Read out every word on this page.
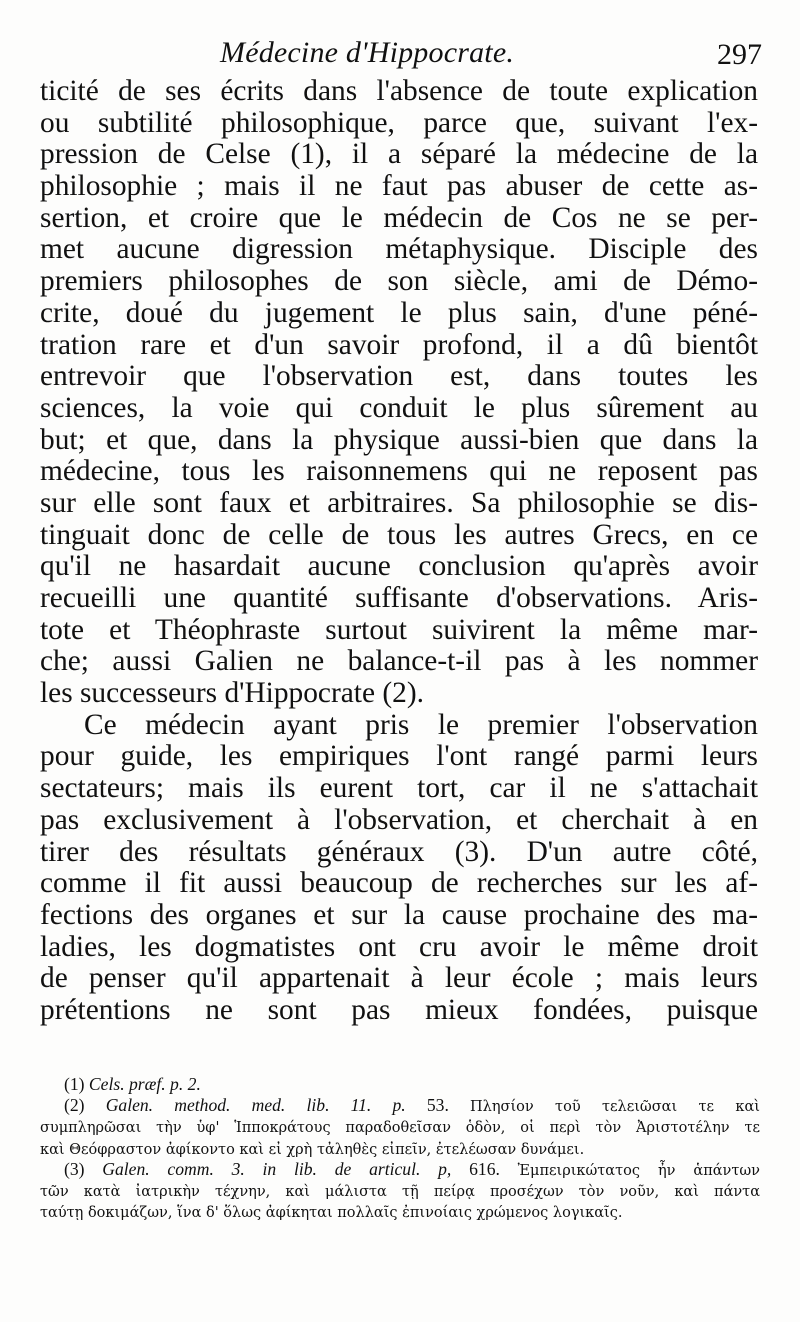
Médecine d'Hippocrate.	297
ticité de ses écrits dans l'absence de toute explication
ou subtilité philosophique, parce que, suivant l'ex-
pression de Celse (1), il a séparé la médecine de la
philosophie ; mais il ne faut pas abuser de cette as-
sertion, et croire que le médecin de Cos ne se per-
met aucune digression métaphysique. Disciple des
premiers philosophes de son siècle, ami de Démo-
crite, doué du jugement le plus sain, d'une péné-
tration rare et d'un savoir profond, il a dû bientôt
entrevoir que l'observation est, dans toutes les
sciences, la voie qui conduit le plus sûrement au
but; et que, dans la physique aussi-bien que dans la
médecine, tous les raisonnemens qui ne reposent pas
sur elle sont faux et arbitraires. Sa philosophie se dis-
tinguait donc de celle de tous les autres Grecs, en ce
qu'il ne hasardait aucune conclusion qu'après avoir
recueilli une quantité suffisante d'observations. Aris-
tote et Théophraste surtout suivirent la même mar-
che; aussi Galien ne balance-t-il pas à les nommer
les successeurs d'Hippocrate (2).
Ce médecin ayant pris le premier l'observation
pour guide, les empiriques l'ont rangé parmi leurs
sectateurs; mais ils eurent tort, car il ne s'attachait
pas exclusivement à l'observation, et cherchait à en
tirer des résultats généraux (3). D'un autre côté,
comme il fit aussi beaucoup de recherches sur les af-
fections des organes et sur la cause prochaine des ma-
ladies, les dogmatistes ont cru avoir le même droit
de penser qu'il appartenait à leur école ; mais leurs
prétentions ne sont pas mieux fondées, puisque
(1) Cels. præf. p. 2.
(2) Galen. method. med. lib. 11. p. 53. Πλησίον τοῦ τελειῶσαι τε καὶ
συμπληρῶσαι τὴν ὑφ' Ἱπποκράτους παραδοθεῖσαν ὁδὸν, οἱ περὶ τὸν Ἀριστοτέλην τε
καὶ Θεόφραστον ἀφίκοντο καὶ εἰ χρὴ τἀληθὲς εἰπεῖν, ἐτελέωσαν δυνάμει.
(3) Galen. comm. 3. in lib. de articul. p, 616. Ἐμπειρικώτατος ἦν ἁπάντων
τῶν κατὰ ἰατρικὴν τέχνην, καὶ μάλιστα τῇ πείρᾳ προσέχων τὸν νοῦν, καὶ πάντα
ταύτῃ δοκιμάζων, ἵνα δ' ὅλως ἀφίκηται πολλαῖς ἐπινοίαις χρώμενος λογικαῖς.
